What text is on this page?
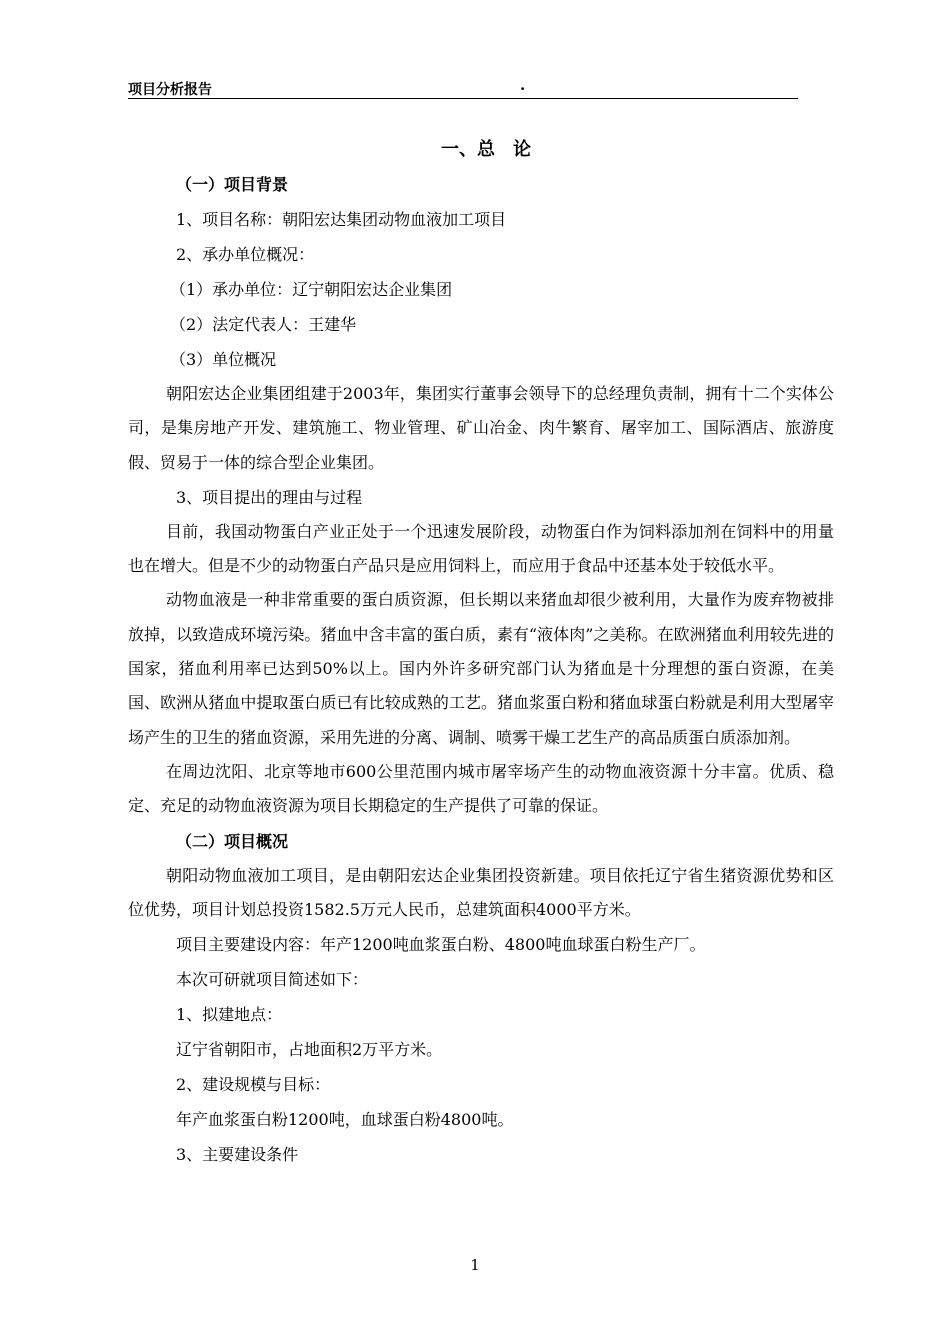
项目分析报告	.
一、总　论
（一）项目背景
1、项目名称：朝阳宏达集团动物血液加工项目
2、承办单位概况：
（1）承办单位：辽宁朝阳宏达企业集团
（2）法定代表人：王建华
（3）单位概况

朝阳宏达企业集团组建于2003年，集团实行董事会领导下的总经理负责制，拥有十二个实体公司，是集房地产开发、建筑施工、物业管理、矿山冶金、肉牛繁育、屠宰加工、国际酒店、旅游度假、贸易于一体的综合型企业集团。

3、项目提出的理由与过程

目前，我国动物蛋白产业正处于一个迅速发展阶段，动物蛋白作为饲料添加剂在饲料中的用量也在增大。但是不少的动物蛋白产品只是应用饲料上，而应用于食品中还基本处于较低水平。

动物血液是一种非常重要的蛋白质资源，但长期以来猪血却很少被利用，大量作为废弃物被排放掉，以致造成环境污染。猪血中含丰富的蛋白质，素有“液体肉”之美称。在欧洲猪血利用较先进的国家，猪血利用率已达到50%以上。国内外许多研究部门认为猪血是十分理想的蛋白资源，在美国、欧洲从猪血中提取蛋白质已有比较成熟的工艺。猪血浆蛋白粉和猪血球蛋白粉就是利用大型屠宰场产生的卫生的猪血资源，采用先进的分离、调制、喷雾干燥工艺生产的高品质蛋白质添加剂。

在周边沈阳、北京等地市600公里范围内城市屠宰场产生的动物血液资源十分丰富。优质、稳定、充足的动物血液资源为项目长期稳定的生产提供了可靠的保证。

（二）项目概况

朝阳动物血液加工项目，是由朝阳宏达企业集团投资新建。项目依托辽宁省生猪资源优势和区位优势，项目计划总投资1582.5万元人民币，总建筑面积4000平方米。

项目主要建设内容：年产1200吨血浆蛋白粉、4800吨血球蛋白粉生产厂。
本次可研就项目简述如下：
1、拟建地点：
辽宁省朝阳市，占地面积2万平方米。
2、建设规模与目标：
年产血浆蛋白粉1200吨，血球蛋白粉4800吨。
3、主要建设条件
1
